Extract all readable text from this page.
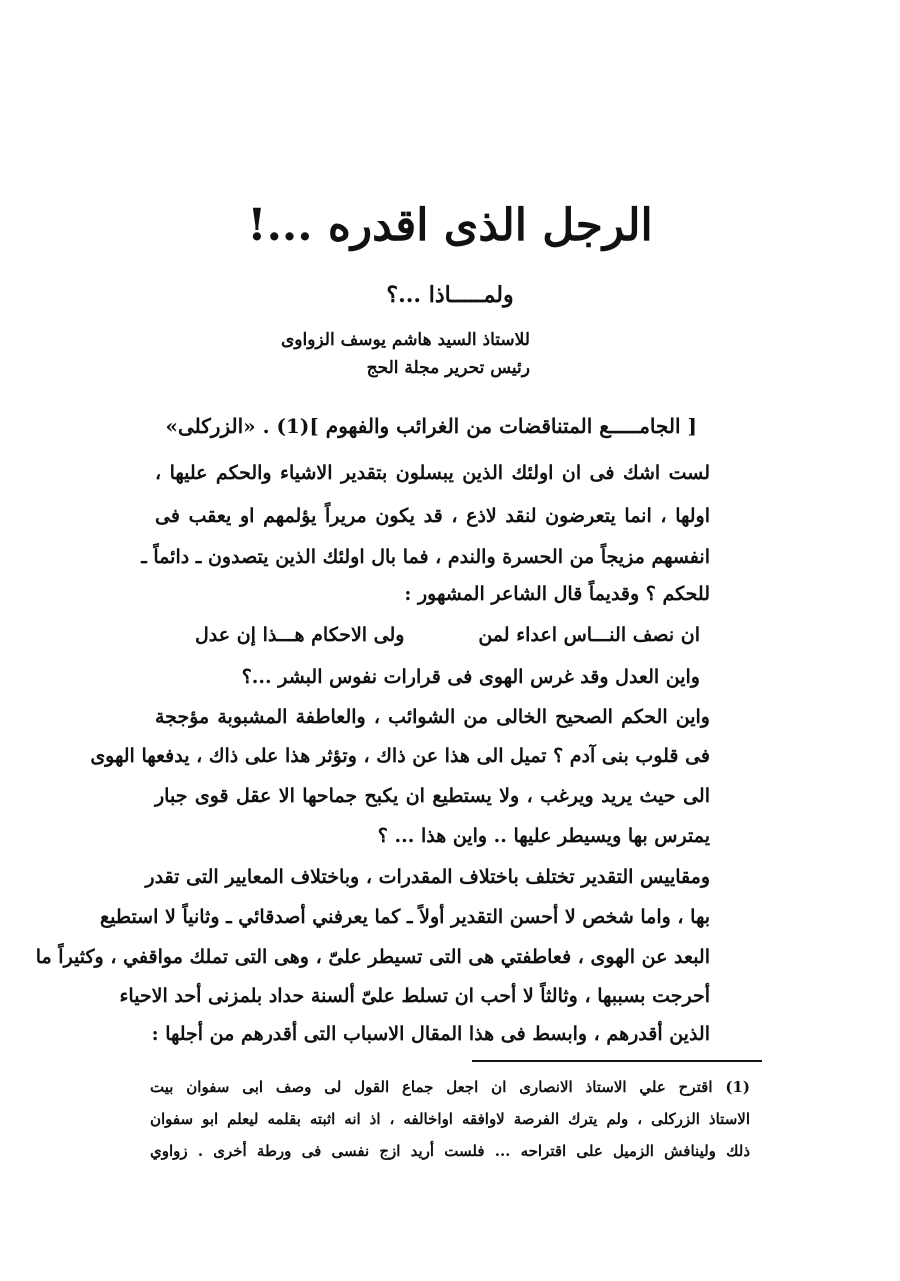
الرجل الذى اقدره ...!
ولمـــــاذا ...؟
للاستاذ السيد هاشم يوسف الزواوى
رئيس تحرير مجلة الحج
[ الجامـــــع المتناقضات من الغرائب والفهوم ](1) . «الزركلى»
لست اشك فى ان اولئك الذين يبسلون بتقدير الاشياء والحكم عليها ،
اولها ، انما يتعرضون لنقد لاذع ، قد يكون مريراً يؤلمهم او يعقب فى
انفسهم مزيجاً من الحسرة والندم ، فما بال اولئك الذين يتصدون ـ دائماً ـ
للحكم ؟ وقديماً قال الشاعر المشهور :
ان نصف النـــاس اعداء لمن
ولى الاحكام هـــذا إن عدل
واين العدل وقد غرس الهوى فى قرارات نفوس البشر ...؟
واين الحكم الصحيح الخالى من الشوائب ، والعاطفة المشبوبة مؤججة
فى قلوب بنى آدم ؟ تميل الى هذا عن ذاك ، وتؤثر هذا على ذاك ، يدفعها الهوى
الى حيث يريد ويرغب ، ولا يستطيع ان يكبح جماحها الا عقل قوى جبار
يمترس بها ويسيطر عليها .. واين هذا ... ؟
ومقاييس التقدير تختلف باختلاف المقدرات ، وباختلاف المعايير التى تقدر
بها ، واما شخص لا أحسن التقدير أولاً ـ كما يعرفني أصدقائي ـ وثانياً لا استطيع
البعد عن الهوى ، فعاطفتي هى التى تسيطر علىّ ، وهى التى تملك مواقفي ، وكثيراً ما
أحرجت بسببها ، وثالثاً لا أحب ان تسلط علىّ ألسنة حداد بلمزنى أحد الاحياء
الذين أقدرهم ، وابسط فى هذا المقال الاسباب التى أقدرهم من أجلها :
(1) اقترح علي الاستاذ الانصارى ان اجعل جماع القول لى وصف ابى سفوان بيت
الاستاذ الزركلى ، ولم يترك الفرصة لاوافقه اواخالفه ، اذ انه اثبته بقلمه ليعلم ابو سفوان
ذلك ولينافش الزميل على اقتراحه ... فلست أريد ازج نفسى فى ورطة أخرى . زواوي
